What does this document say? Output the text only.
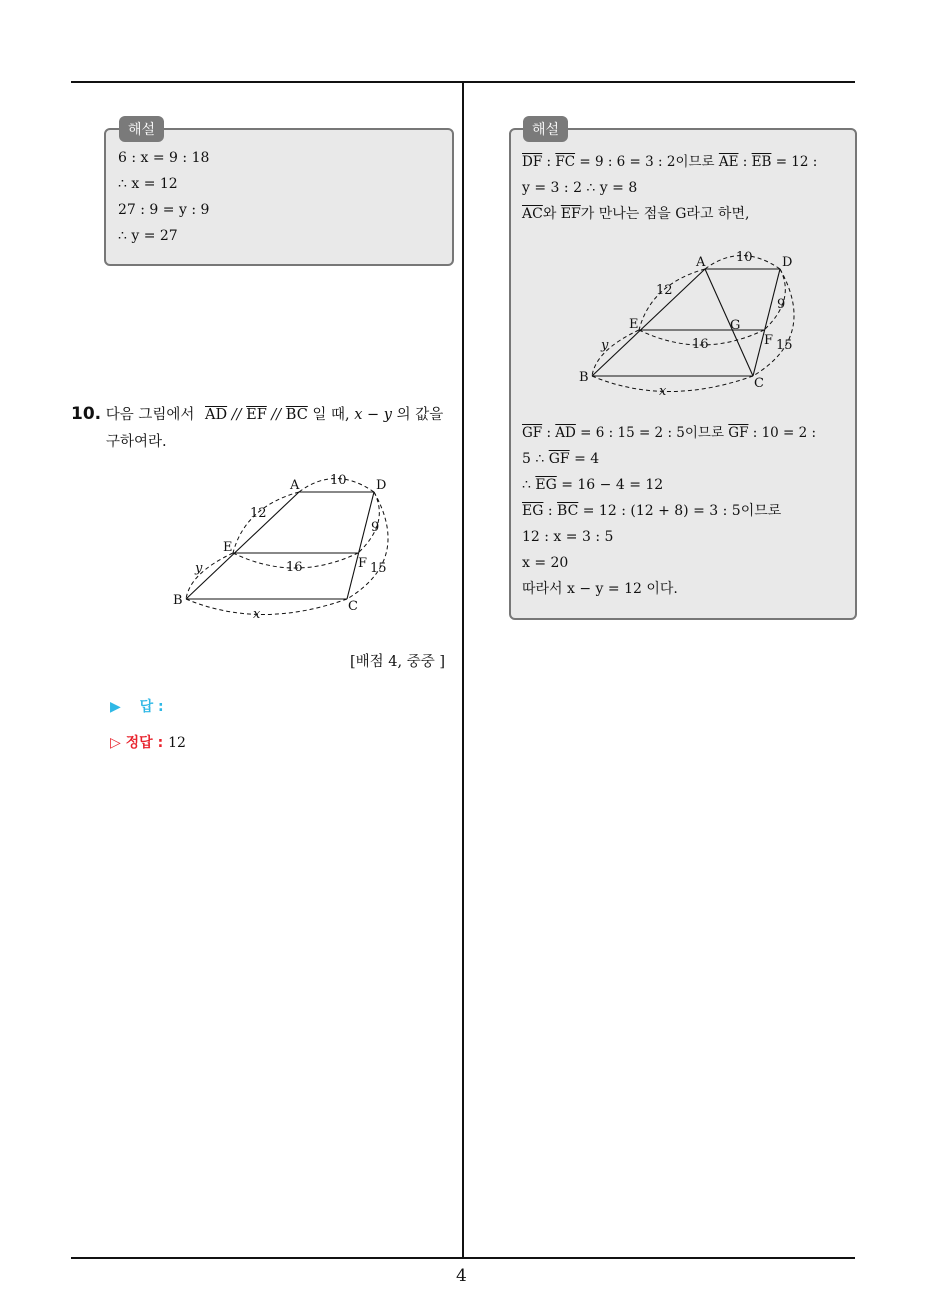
6 : x = 9 : 18
∴ x = 12
27 : 9 = y : 9
∴ y = 27
해설
10. 다음 그림에서 $\overline{AD} // \overline{EF} // \overline{BC}$ 일 때, x − y 의 값을
구하여라.
A	D
E
F
B	C
10
12
16
9
15
y
x
[배점 4, 중중 ]
▶ 답 :
▷ 정답 : 12
$\overline{DF}$ : $\overline{FC} = 9$ : 6 = 3 : 2이므로 $\overline{AE}$ : $\overline{EB} = 12$ :
y = 3 : 2 ∴ y = 8
$\overline{AC}$와 $\overline{EF}$가 만나는 점을 G라고 하면,
A	D
E	G
F
B	C
10
12
16
9
15
y
x
$\overline{GF}$ : $\overline{AD} = 6$ : 15 = 2 : 5이므로 $\overline{GF}$ : 10 = 2 :
5 ∴ $\overline{GF} = 4$
∴ $\overline{EG} = 16 - 4 = 12$
$\overline{EG}$ : $\overline{BC} = 12$ : (12 + 8) = 3 : 5이므로
12 : x = 3 : 5
x = 20
따라서 x − y = 12 이다.
해설
4
